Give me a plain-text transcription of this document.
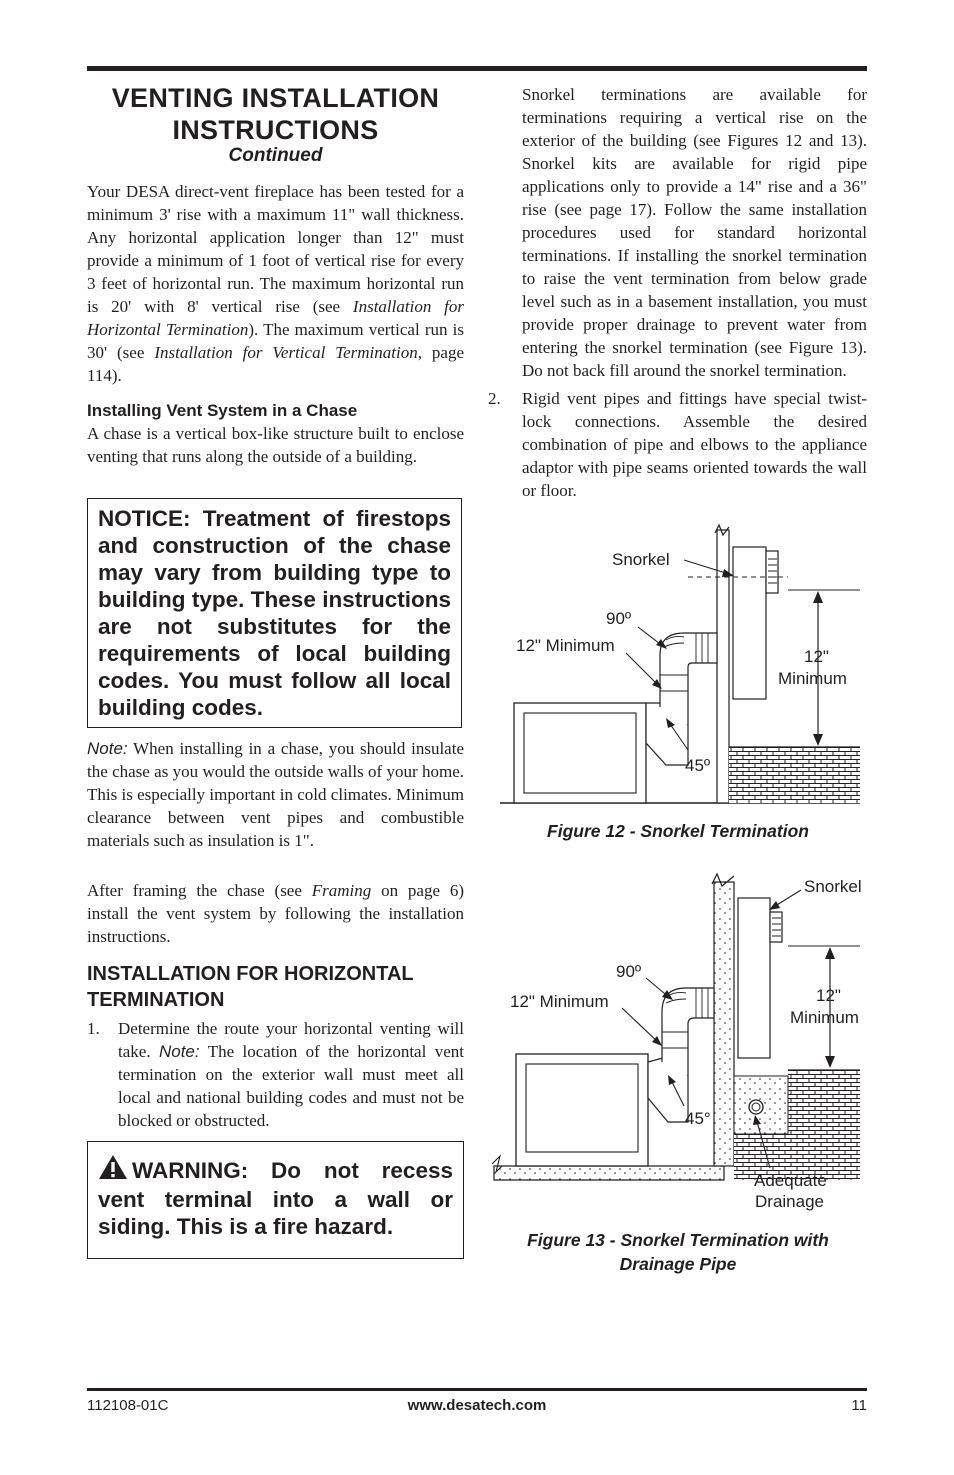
VENTING INSTALLATION
INSTRUCTIONS
Continued

Your DESA direct-vent fireplace has been tested for a minimum 3' rise with a maximum 11" wall thickness. Any horizontal application longer than 12" must provide a minimum of 1 foot of vertical rise for every 3 feet of horizontal run. The maximum horizontal run is 20' with 8' vertical rise (see Installation for Horizontal Termination). The maximum vertical run is 30' (see Installation for Vertical Termination, page 114).

Installing Vent System in a Chase

A chase is a vertical box-like structure built to enclose venting that runs along the outside of a building.

NOTICE: Treatment of firestops and construction of the chase may vary from building type to building type. These instructions are not substitutes for the requirements of local building codes. You must follow all local building codes.

Note: When installing in a chase, you should insulate the chase as you would the outside walls of your home. This is especially important in cold climates. Minimum clearance between vent pipes and combustible materials such as insulation is 1".

After framing the chase (see Framing on page 6) install the vent system by following the installation instructions.

INSTALLATION FOR HORIZONTAL
TERMINATION
1. Determine the route your horizontal venting will take. Note: The location of the horizontal vent termination on the exterior wall must meet all local and national building codes and must not be blocked or obstructed.

WARNING: Do not recess vent terminal into a wall or siding. This is a fire hazard.

Snorkel terminations are available for terminations requiring a vertical rise on the exterior of the building (see Figures 12 and 13). Snorkel kits are available for rigid pipe applications only to provide a 14" rise and a 36" rise (see page 17). Follow the same installation procedures used for standard horizontal terminations. If installing the snorkel termination to raise the vent termination from below grade level such as in a basement installation, you must provide proper drainage to prevent water from entering the snorkel termination (see Figure 13). Do not back fill around the snorkel termination.

2. Rigid vent pipes and fittings have special twist-lock connections. Assemble the desired combination of pipe and elbows to the appliance adaptor with pipe seams oriented towards the wall or floor.

Snorkel
90º
12" Minimum
12"
Minimum
45º
Figure 12 - Snorkel Termination
Snorkel
90º
12" Minimum	12"
Minimum
45°
Adequate
Drainage
Figure 13 - Snorkel Termination with
Drainage Pipe
112108-01C	www.desatech.com	11
